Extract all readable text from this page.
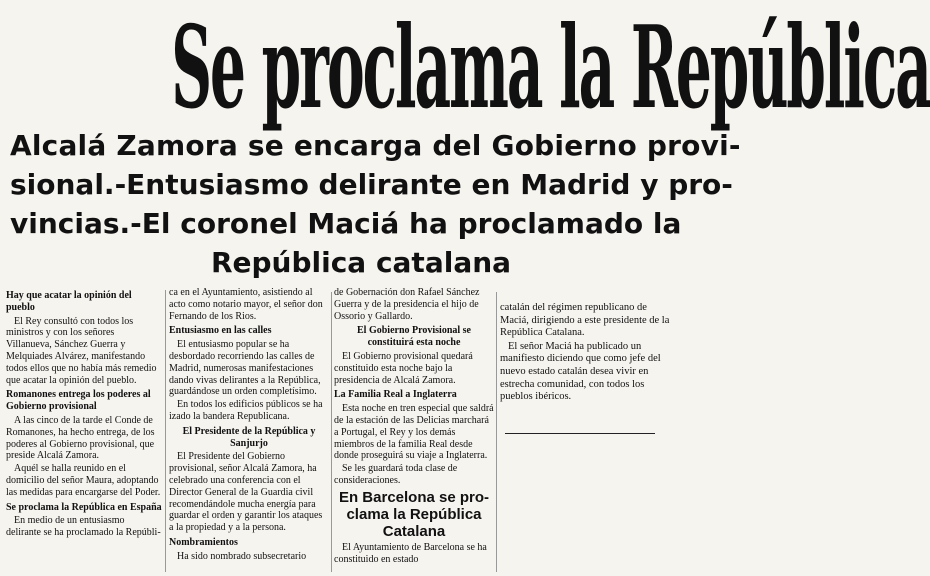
Se proclama la República

Alcalá Zamora se encarga del Gobierno provi-

sional.-Entusiasmo delirante en Madrid y pro-

vincias.-El coronel Maciá ha proclamado la

República catalana

Hay que acatar la opinión del pueblo

El Rey consultó con todos los ministros y con los señores Villanueva, Sánchez Guerra y Melquiades Alvárez, manifestando todos ellos que no había más remedio que acatar la opinión del pueblo.

Romanones entrega los poderes al Gobierno provisional

A las cinco de la tarde el Conde de Romanones, ha hecho entrega, de los poderes al Gobierno provisional, que preside Alcalá Zamora.

Aquél se halla reunido en el domicilio del señor Maura, adoptando las medidas para encargarse del Poder.

Se proclama la República en España

En medio de un entusiasmo delirante se ha proclamado la Repúbli-

ca en el Ayuntamiento, asistiendo al acto como notario mayor, el señor don Fernando de los Rios.

Entusiasmo en las calles

El entusiasmo popular se ha desbordado recorriendo las calles de Madrid, numerosas manifestaciones dando vivas delirantes a la República, guardándose un orden completísimo.

En todos los edificios públicos se ha izado la bandera Republicana.

El Presidente de la República y Sanjurjo

El Presidente del Gobierno provisional, señor Alcalá Zamora, ha celebrado una conferencia con el Director General de la Guardia civil recomendándole mucha energía para guardar el orden y garantir los ataques a la propiedad y a la persona.

Nombramientos

Ha sido nombrado subsecretario

de Gobernación don Rafael Sánchez Guerra y de la presidencia el hijo de Ossorio y Gallardo.

El Gobierno Provisional se constituirá esta noche

El Gobierno provisional quedará constituido esta noche bajo la presidencia de Alcalá Zamora.

La Familia Real a Inglaterra

Esta noche en tren especial que saldrá de la estación de las Delicias marchará a Portugal, el Rey y los demás miembros de la familia Real desde donde proseguirá su viaje a Inglaterra.

Se les guardará toda clase de consideraciones.

En Barcelona se pro-

clama la República

Catalana

El Ayuntamiento de Barcelona se ha constituido en estado

catalán del régimen republicano de Maciá, dirigiendo a este presidente de la República Catalana.

El señor Maciá ha publicado un manifiesto diciendo que como jefe del nuevo estado catalán desea vivir en estrecha comunidad, con todos los pueblos ibéricos.
